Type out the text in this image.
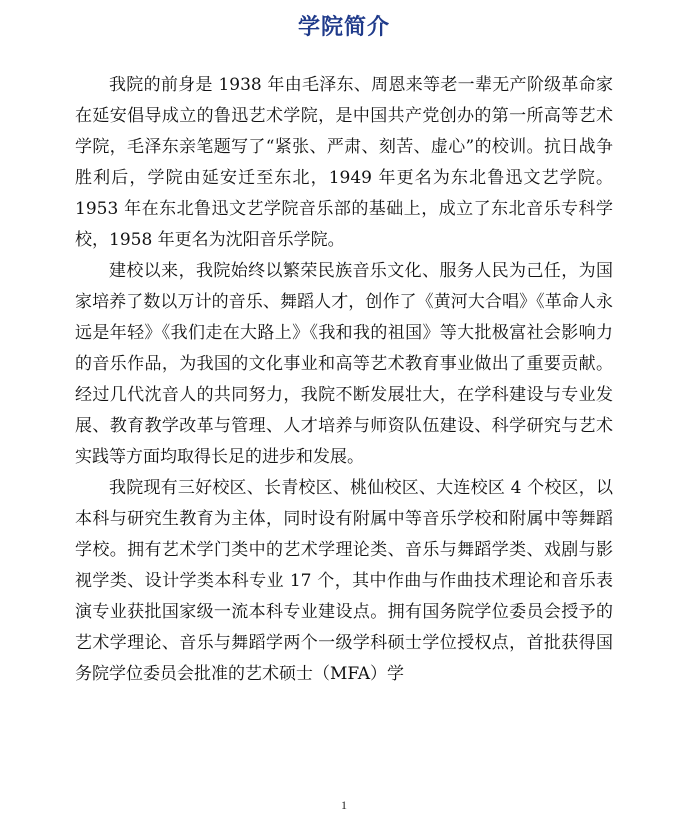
学院简介

我院的前身是 1938 年由毛泽东、周恩来等老一辈无产阶级革命家在延安倡导成立的鲁迅艺术学院，是中国共产党创办的第一所高等艺术学院，毛泽东亲笔题写了“紧张、严肃、刻苦、虚心”的校训。抗日战争胜利后，学院由延安迁至东北，1949 年更名为东北鲁迅文艺学院。1953 年在东北鲁迅文艺学院音乐部的基础上，成立了东北音乐专科学校，1958 年更名为沈阳音乐学院。

建校以来，我院始终以繁荣民族音乐文化、服务人民为己任，为国家培养了数以万计的音乐、舞蹈人才，创作了《黄河大合唱》《革命人永远是年轻》《我们走在大路上》《我和我的祖国》等大批极富社会影响力的音乐作品，为我国的文化事业和高等艺术教育事业做出了重要贡献。经过几代沈音人的共同努力，我院不断发展壮大，在学科建设与专业发展、教育教学改革与管理、人才培养与师资队伍建设、科学研究与艺术实践等方面均取得长足的进步和发展。

我院现有三好校区、长青校区、桃仙校区、大连校区 4 个校区，以本科与研究生教育为主体，同时设有附属中等音乐学校和附属中等舞蹈学校。拥有艺术学门类中的艺术学理论类、音乐与舞蹈学类、戏剧与影视学类、设计学类本科专业 17 个，其中作曲与作曲技术理论和音乐表演专业获批国家级一流本科专业建设点。拥有国务院学位委员会授予的艺术学理论、音乐与舞蹈学两个一级学科硕士学位授权点，首批获得国务院学位委员会批准的艺术硕士（MFA）学

1
